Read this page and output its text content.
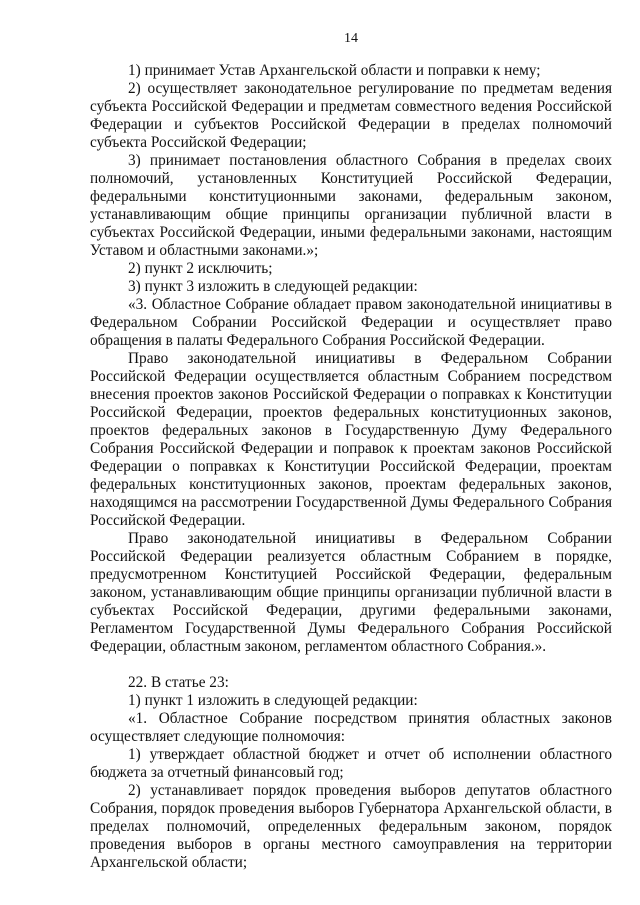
14

1) принимает Устав Архангельской области и поправки к нему;

2) осуществляет законодательное регулирование по предметам ведения субъекта Российской Федерации и предметам совместного ведения Российской Федерации и субъектов Российской Федерации в пределах полномочий субъекта Российской Федерации;

3) принимает постановления областного Собрания в пределах своих полномочий, установленных Конституцией Российской Федерации, федеральными конституционными законами, федеральным законом, устанавливающим общие принципы организации публичной власти в субъектах Российской Федерации, иными федеральными законами, настоящим Уставом и областными законами.»;

2) пункт 2 исключить;

3) пункт 3 изложить в следующей редакции:

«3. Областное Собрание обладает правом законодательной инициативы в Федеральном Собрании Российской Федерации и осуществляет право обращения в палаты Федерального Собрания Российской Федерации.

Право законодательной инициативы в Федеральном Собрании Российской Федерации осуществляется областным Собранием посредством внесения проектов законов Российской Федерации о поправках к Конституции Российской Федерации, проектов федеральных конституционных законов, проектов федеральных законов в Государственную Думу Федерального Собрания Российской Федерации и поправок к проектам законов Российской Федерации о поправках к Конституции Российской Федерации, проектам федеральных конституционных законов, проектам федеральных законов, находящимся на рассмотрении Государственной Думы Федерального Собрания Российской Федерации.

Право законодательной инициативы в Федеральном Собрании Российской Федерации реализуется областным Собранием в порядке, предусмотренном Конституцией Российской Федерации, федеральным законом, устанавливающим общие принципы организации публичной власти в субъектах Российской Федерации, другими федеральными законами, Регламентом Государственной Думы Федерального Собрания Российской Федерации, областным законом, регламентом областного Собрания.».

22. В статье 23:

1) пункт 1 изложить в следующей редакции:

«1. Областное Собрание посредством принятия областных законов осуществляет следующие полномочия:

1) утверждает областной бюджет и отчет об исполнении областного бюджета за отчетный финансовый год;

2) устанавливает порядок проведения выборов депутатов областного Собрания, порядок проведения выборов Губернатора Архангельской области, в пределах полномочий, определенных федеральным законом, порядок проведения выборов в органы местного самоуправления на территории Архангельской области;
